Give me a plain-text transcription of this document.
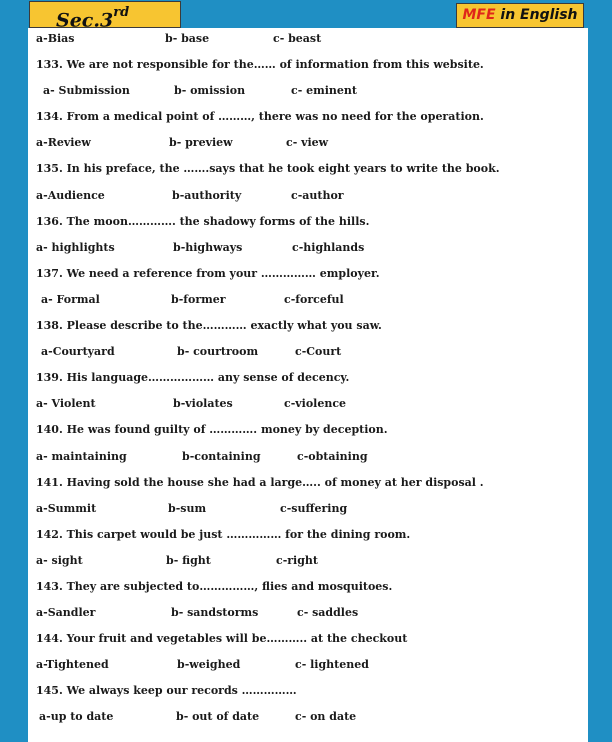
Sec.3rd	MFE in English
a-Bias	b- base	c- beast
133. We are not responsible for the…… of information from this website.
a- Submission	b- omission	c- eminent
134. From a medical point of ………, there was no need for the operation.
a-Review	b- preview	c- view
135. In his preface, the …….says that he took eight years to write the book.
a-Audience	b-authority	c-author
136. The moon…………. the shadowy forms of the hills.
a- highlights	b-highways	c-highlands
137. We need a reference from your …………… employer.
a- Formal	b-former	c-forceful
138. Please describe to the………… exactly what you saw.
a-Courtyard	b- courtroom	c-Court
139. His language……………… any sense of decency.
a- Violent	b-violates	c-violence
140. He was found guilty of …………. money by deception.
a- maintaining	b-containing	c-obtaining
141. Having sold the house she had a large….. of money at her disposal .
a-Summit	b-sum	c-suffering
142. This carpet would be just …………… for the dining room.
a- sight	b- fight	c-right
143. They are subjected to……………, flies and mosquitoes.
a-Sandler	b- sandstorms	c- saddles
144. Your fruit and vegetables will be……….. at the checkout
a-Tightened	b-weighed	c- lightened
145. We always keep our records ……………
a-up to date	b- out of date	c- on date
